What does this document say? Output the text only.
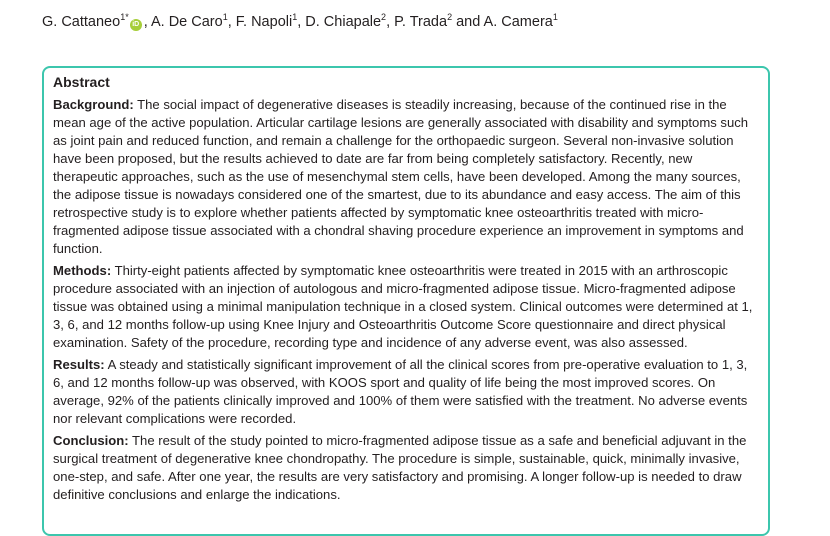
G. Cattaneo$^{1*}$iD , A. De Caro$^1$, F. Napoli$^1$, D. Chiapale$^2$, P. Trada$^2$ and A. Camera$^1$
Abstract

Background: The social impact of degenerative diseases is steadily increasing, because of the continued rise in the mean age of the active population. Articular cartilage lesions are generally associated with disability and symptoms such as joint pain and reduced function, and remain a challenge for the orthopaedic surgeon. Several non-invasive solution have been proposed, but the results achieved to date are far from being completely satisfactory. Recently, new therapeutic approaches, such as the use of mesenchymal stem cells, have been developed. Among the many sources, the adipose tissue is nowadays considered one of the smartest, due to its abundance and easy access. The aim of this retrospective study is to explore whether patients affected by symptomatic knee osteoarthritis treated with micro-fragmented adipose tissue associated with a chondral shaving procedure experience an improvement in symptoms and function.

Methods: Thirty-eight patients affected by symptomatic knee osteoarthritis were treated in 2015 with an arthroscopic procedure associated with an injection of autologous and micro-fragmented adipose tissue. Micro-fragmented adipose tissue was obtained using a minimal manipulation technique in a closed system. Clinical outcomes were determined at 1, 3, 6, and 12 months follow-up using Knee Injury and Osteoarthritis Outcome Score questionnaire and direct physical examination. Safety of the procedure, recording type and incidence of any adverse event, was also assessed.

Results: A steady and statistically significant improvement of all the clinical scores from pre-operative evaluation to 1, 3, 6, and 12 months follow-up was observed, with KOOS sport and quality of life being the most improved scores. On average, 92% of the patients clinically improved and 100% of them were satisfied with the treatment. No adverse events nor relevant complications were recorded.

Conclusion: The result of the study pointed to micro-fragmented adipose tissue as a safe and beneficial adjuvant in the surgical treatment of degenerative knee chondropathy. The procedure is simple, sustainable, quick, minimally invasive, one-step, and safe. After one year, the results are very satisfactory and promising. A longer follow-up is needed to draw definitive conclusions and enlarge the indications.
